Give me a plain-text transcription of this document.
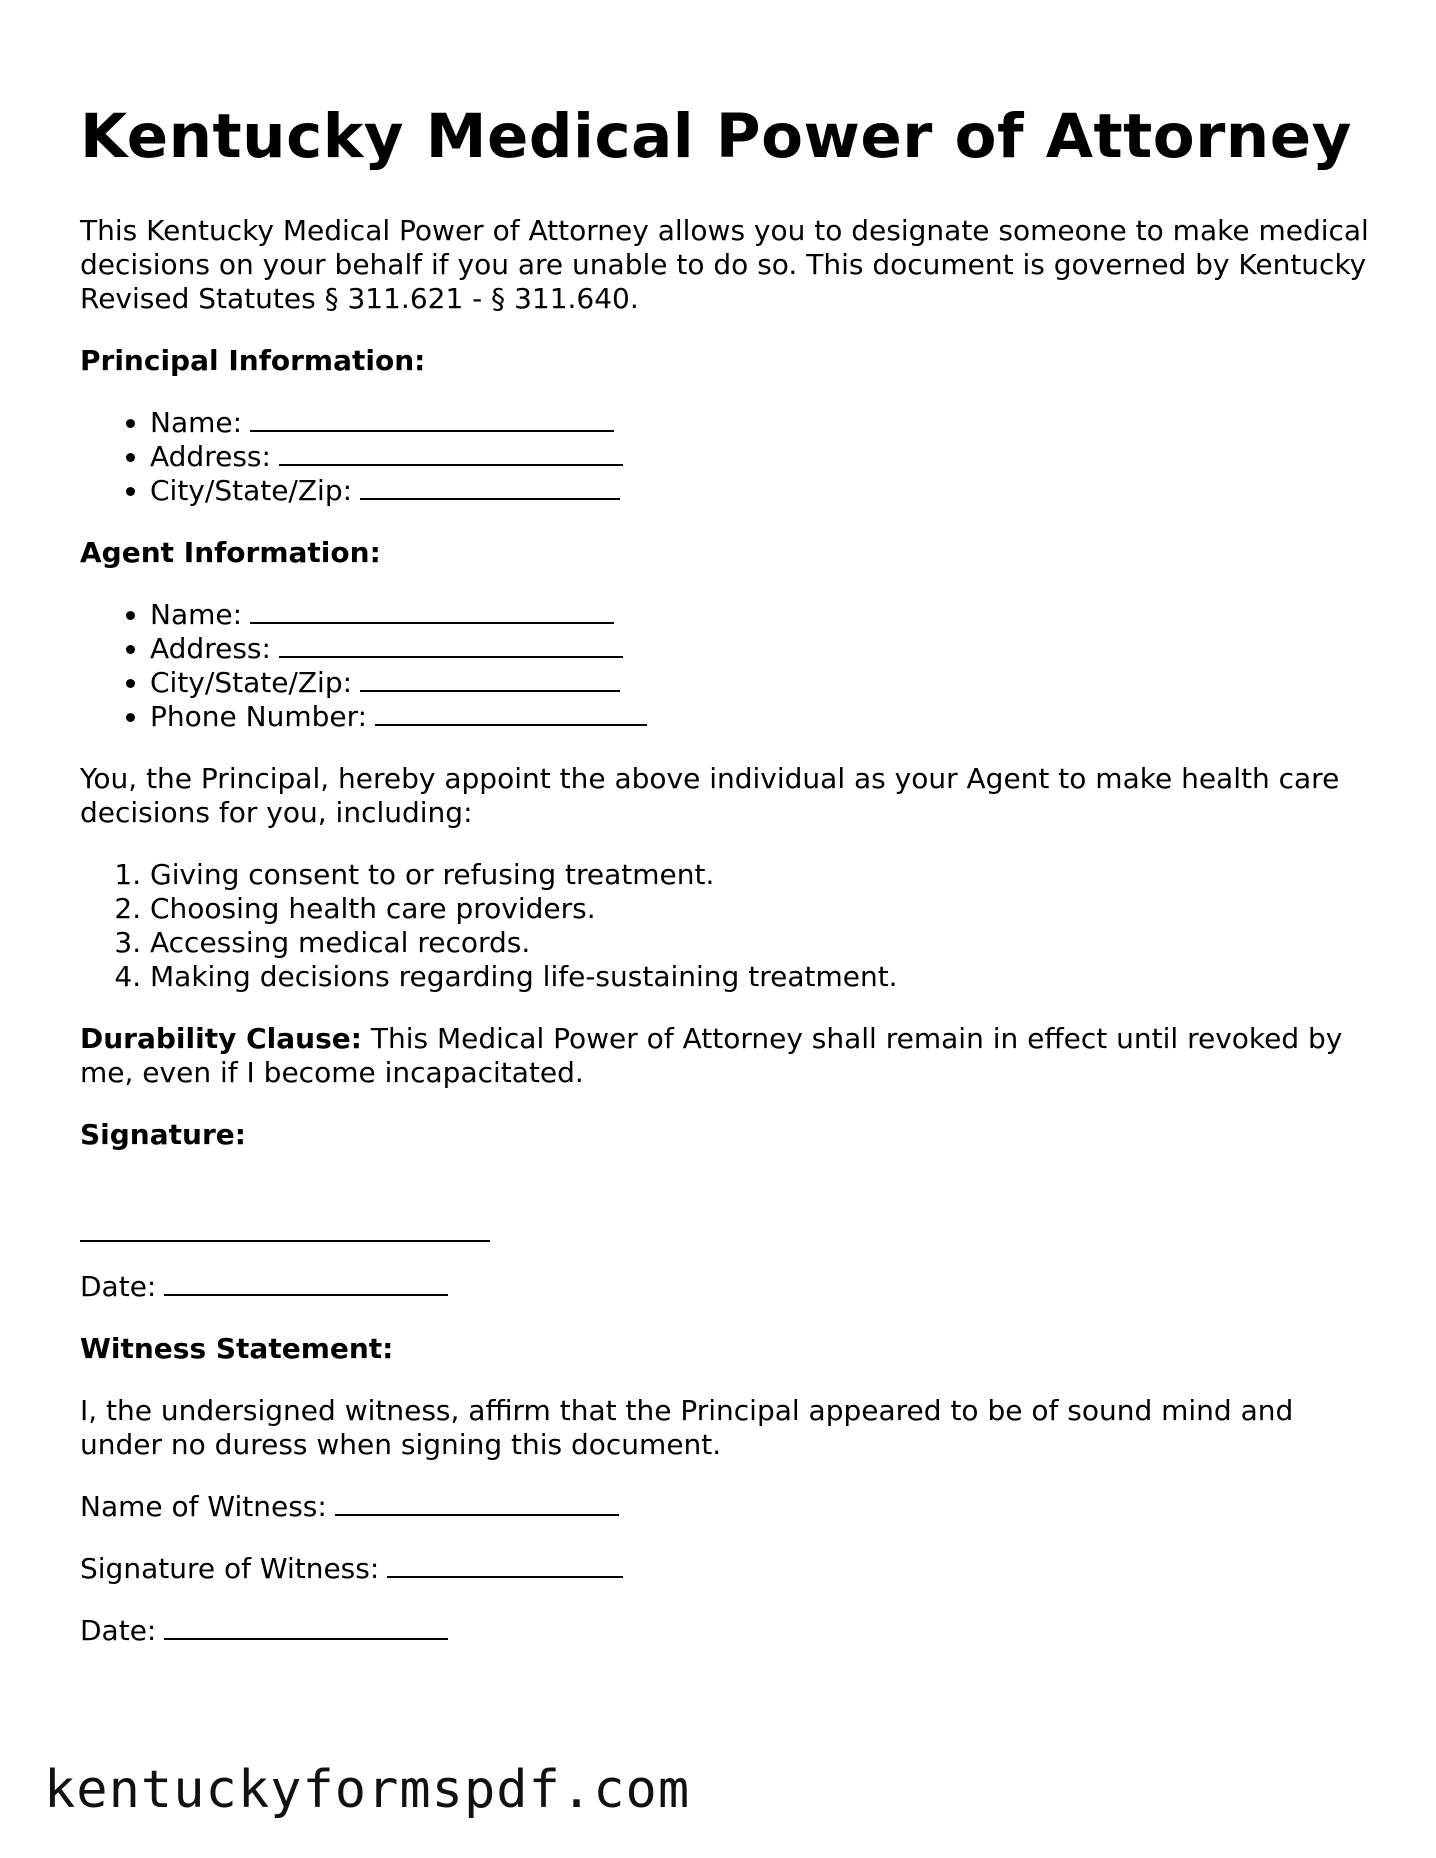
Kentucky Medical Power of Attorney

This Kentucky Medical Power of Attorney allows you to designate someone to make medical decisions on your behalf if you are unable to do so. This document is governed by Kentucky Revised Statutes § 311.621 - § 311.640.

Principal Information:

• Name:
• Address:
• City/State/Zip:

Agent Information:

• Name:
• Address:
• City/State/Zip:
• Phone Number:

You, the Principal, hereby appoint the above individual as your Agent to make health care decisions for you, including:

1. Giving consent to or refusing treatment.
2. Choosing health care providers.
3. Accessing medical records.
4. Making decisions regarding life-sustaining treatment.

Durability Clause: This Medical Power of Attorney shall remain in effect until revoked by me, even if I become incapacitated.

Signature:

Date:

Witness Statement:

I, the undersigned witness, affirm that the Principal appeared to be of sound mind and under no duress when signing this document.

Name of Witness:

Signature of Witness:

Date:

kentuckyformspdf.com
